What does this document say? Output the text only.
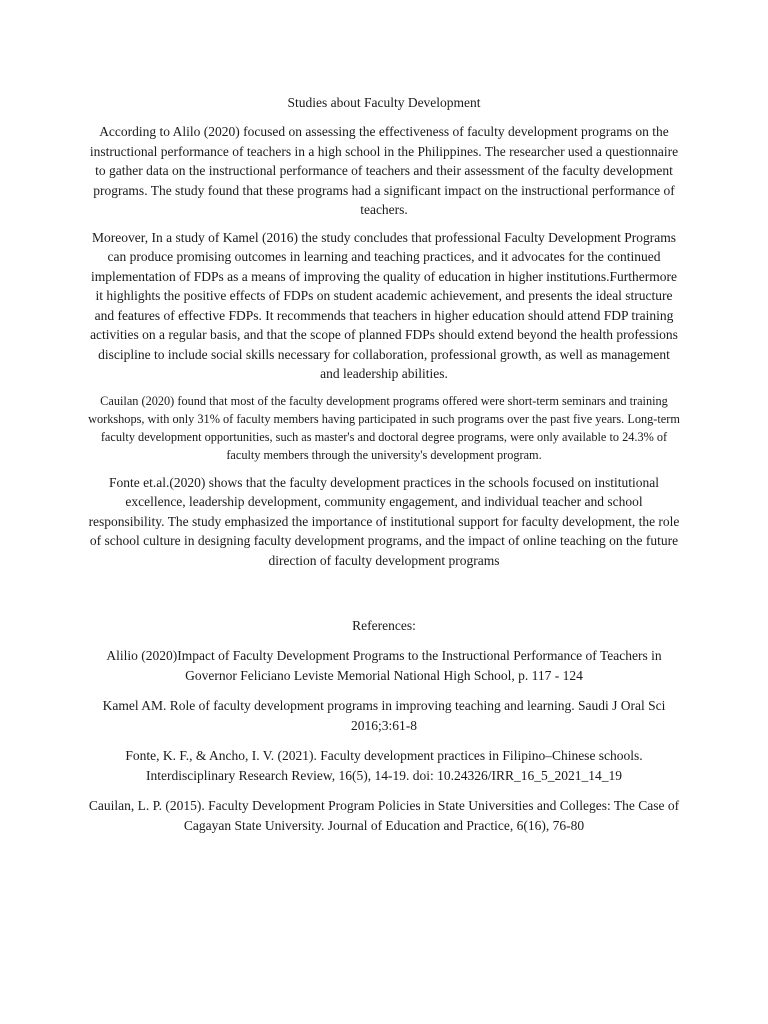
Studies about Faculty Development

According to Alilo (2020) focused on assessing the effectiveness of faculty development programs on the instructional performance of teachers in a high school in the Philippines. The researcher used a questionnaire to gather data on the instructional performance of teachers and their assessment of the faculty development programs. The study found that these programs had a significant impact on the instructional performance of teachers.

Moreover, In a study of Kamel (2016) the study concludes that professional Faculty Development Programs can produce promising outcomes in learning and teaching practices, and it advocates for the continued implementation of FDPs as a means of improving the quality of education in higher institutions.Furthermore it highlights the positive effects of FDPs on student academic achievement, and presents the ideal structure and features of effective FDPs. It recommends that teachers in higher education should attend FDP training activities on a regular basis, and that the scope of planned FDPs should extend beyond the health professions discipline to include social skills necessary for collaboration, professional growth, as well as management and leadership abilities.

Cauilan (2020) found that most of the faculty development programs offered were short-term seminars and training workshops, with only 31% of faculty members having participated in such programs over the past five years. Long-term faculty development opportunities, such as master's and doctoral degree programs, were only available to 24.3% of faculty members through the university's development program.

Fonte et.al.(2020) shows that the faculty development practices in the schools focused on institutional excellence, leadership development, community engagement, and individual teacher and school responsibility. The study emphasized the importance of institutional support for faculty development, the role of school culture in designing faculty development programs, and the impact of online teaching on the future direction of faculty development programs

References:

Alilio (2020)Impact of Faculty Development Programs to the Instructional Performance of Teachers in Governor Feliciano Leviste Memorial National High School, p. 117 - 124

Kamel AM. Role of faculty development programs in improving teaching and learning. Saudi J Oral Sci 2016;3:61-8

Fonte, K. F., & Ancho, I. V. (2021). Faculty development practices in Filipino–Chinese schools. Interdisciplinary Research Review, 16(5), 14-19. doi: 10.24326/IRR_16_5_2021_14_19

Cauilan, L. P. (2015). Faculty Development Program Policies in State Universities and Colleges: The Case of Cagayan State University. Journal of Education and Practice, 6(16), 76-80
